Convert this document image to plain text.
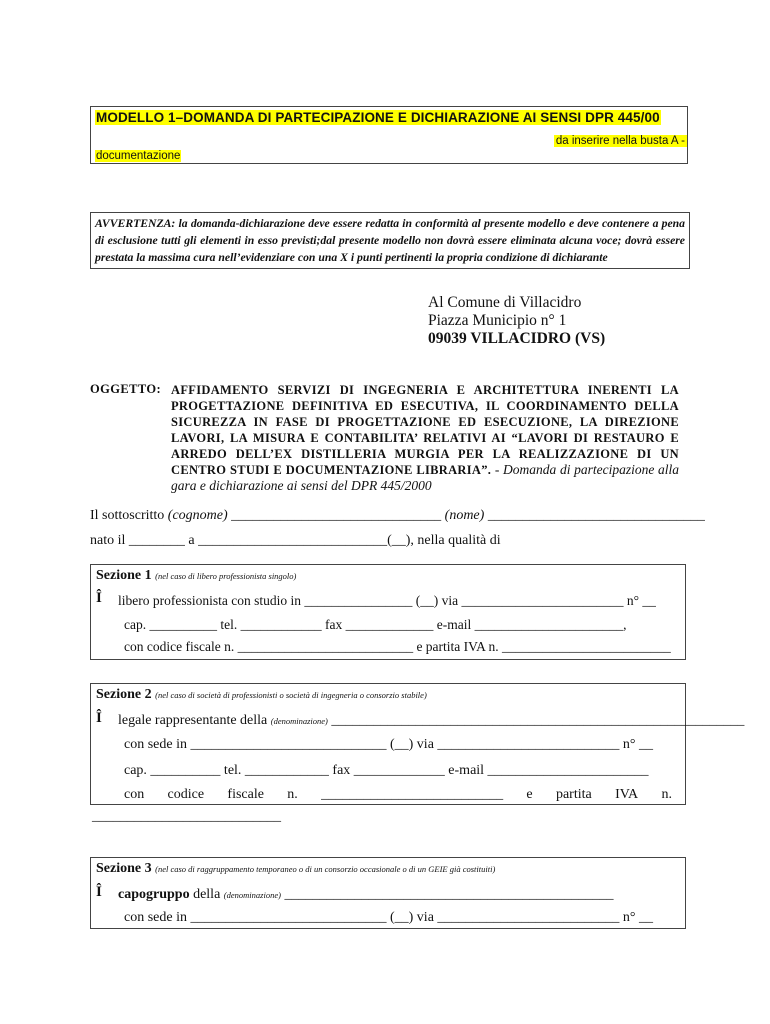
MODELLO 1–DOMANDA DI PARTECIPAZIONE E DICHIARAZIONE AI SENSI DPR 445/00
da inserire nella busta A -
documentazione
AVVERTENZA: la domanda-dichiarazione deve essere redatta in conformità al presente modello e deve contenere a pena di esclusione tutti gli elementi in esso previsti;dal presente modello non dovrà essere eliminata alcuna voce; dovrà essere prestata la massima cura nell’evidenziare con una X i punti pertinenti la propria condizione di dichiarante
Al Comune di Villacidro
Piazza Municipio n° 1
09039 VILLACIDRO (VS)
OGGETTO: AFFIDAMENTO SERVIZI DI INGEGNERIA E ARCHITETTURA INERENTI LA PROGETTAZIONE DEFINITIVA ED ESECUTIVA, IL COORDINAMENTO DELLA SICUREZZA IN FASE DI PROGETTAZIONE ED ESECUZIONE, LA DIREZIONE LAVORI, LA MISURA E CONTABILITA’ RELATIVI AI “LAVORI DI RESTAURO E ARREDO DELL’EX DISTILLERIA MURGIA PER LA REALIZZAZIONE DI UN CENTRO STUDI E DOCUMENTAZIONE LIBRARIA”. - Domanda di partecipazione alla gara e dichiarazione ai sensi del DPR 445/2000
Il sottoscritto (cognome) ______________________________ (nome) _______________________________
nato il ________ a ___________________________(__), nella qualità di
Sezione 1 (nel caso di libero professionista singolo)
Î libero professionista con studio in ________________ (__) via ________________________ n° __
cap. __________ tel. ____________ fax _____________ e-mail ______________________,
con codice fiscale n. __________________________ e partita IVA n. _________________________
Sezione 2 (nel caso di società di professionisti o società di ingegneria o consorzio stabile)
Î legale rappresentante della (denominazione) ___________________________________________________________
con sede in ____________________________ (__) via __________________________ n° __
cap. __________ tel. ____________ fax _____________ e-mail _______________________
con codice fiscale n. __________________________ e partita IVA n.
___________________________
Sezione 3 (nel caso di raggruppamento temporaneo o di un consorzio occasionale o di un GEIE già costituiti)
Î capogruppo della (denominazione) _______________________________________________
con sede in ____________________________ (__) via __________________________ n° __
